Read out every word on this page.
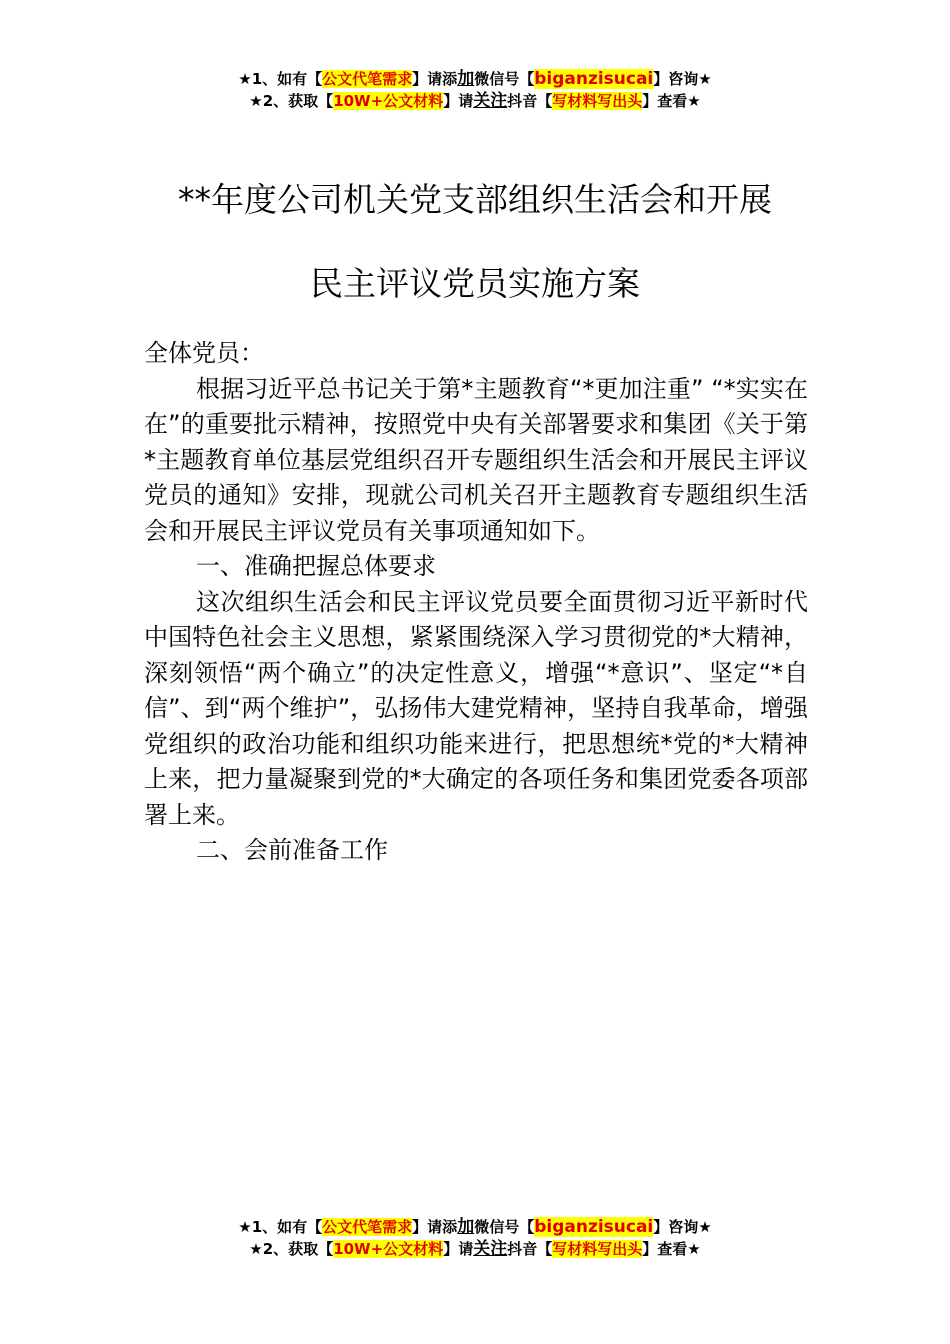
★1、如有【公文代笔需求】请添加微信号【biganzisucai】咨询★
★2、获取【10W+公文材料】请关注抖音【写材料写出头】查看★
**年度公司机关党支部组织生活会和开展
民主评议党员实施方案

全体党员：

根据习近平总书记关于第*主题教育“*更加注重” “*实实在在”的重要批示精神，按照党中央有关部署要求和集团《关于第*主题教育单位基层党组织召开专题组织生活会和开展民主评议党员的通知》安排，现就公司机关召开主题教育专题组织生活会和开展民主评议党员有关事项通知如下。

一、准确把握总体要求

这次组织生活会和民主评议党员要全面贯彻习近平新时代中国特色社会主义思想，紧紧围绕深入学习贯彻党的*大精神，深刻领悟“两个确立”的决定性意义，增强“*意识”、坚定“*自信”、到“两个维护”，弘扬伟大建党精神，坚持自我革命，增强党组织的政治功能和组织功能来进行，把思想统*党的*大精神上来，把力量凝聚到党的*大确定的各项任务和集团党委各项部署上来。

二、会前准备工作

★1、如有【公文代笔需求】请添加微信号【biganzisucai】咨询★
★2、获取【10W+公文材料】请关注抖音【写材料写出头】查看★
